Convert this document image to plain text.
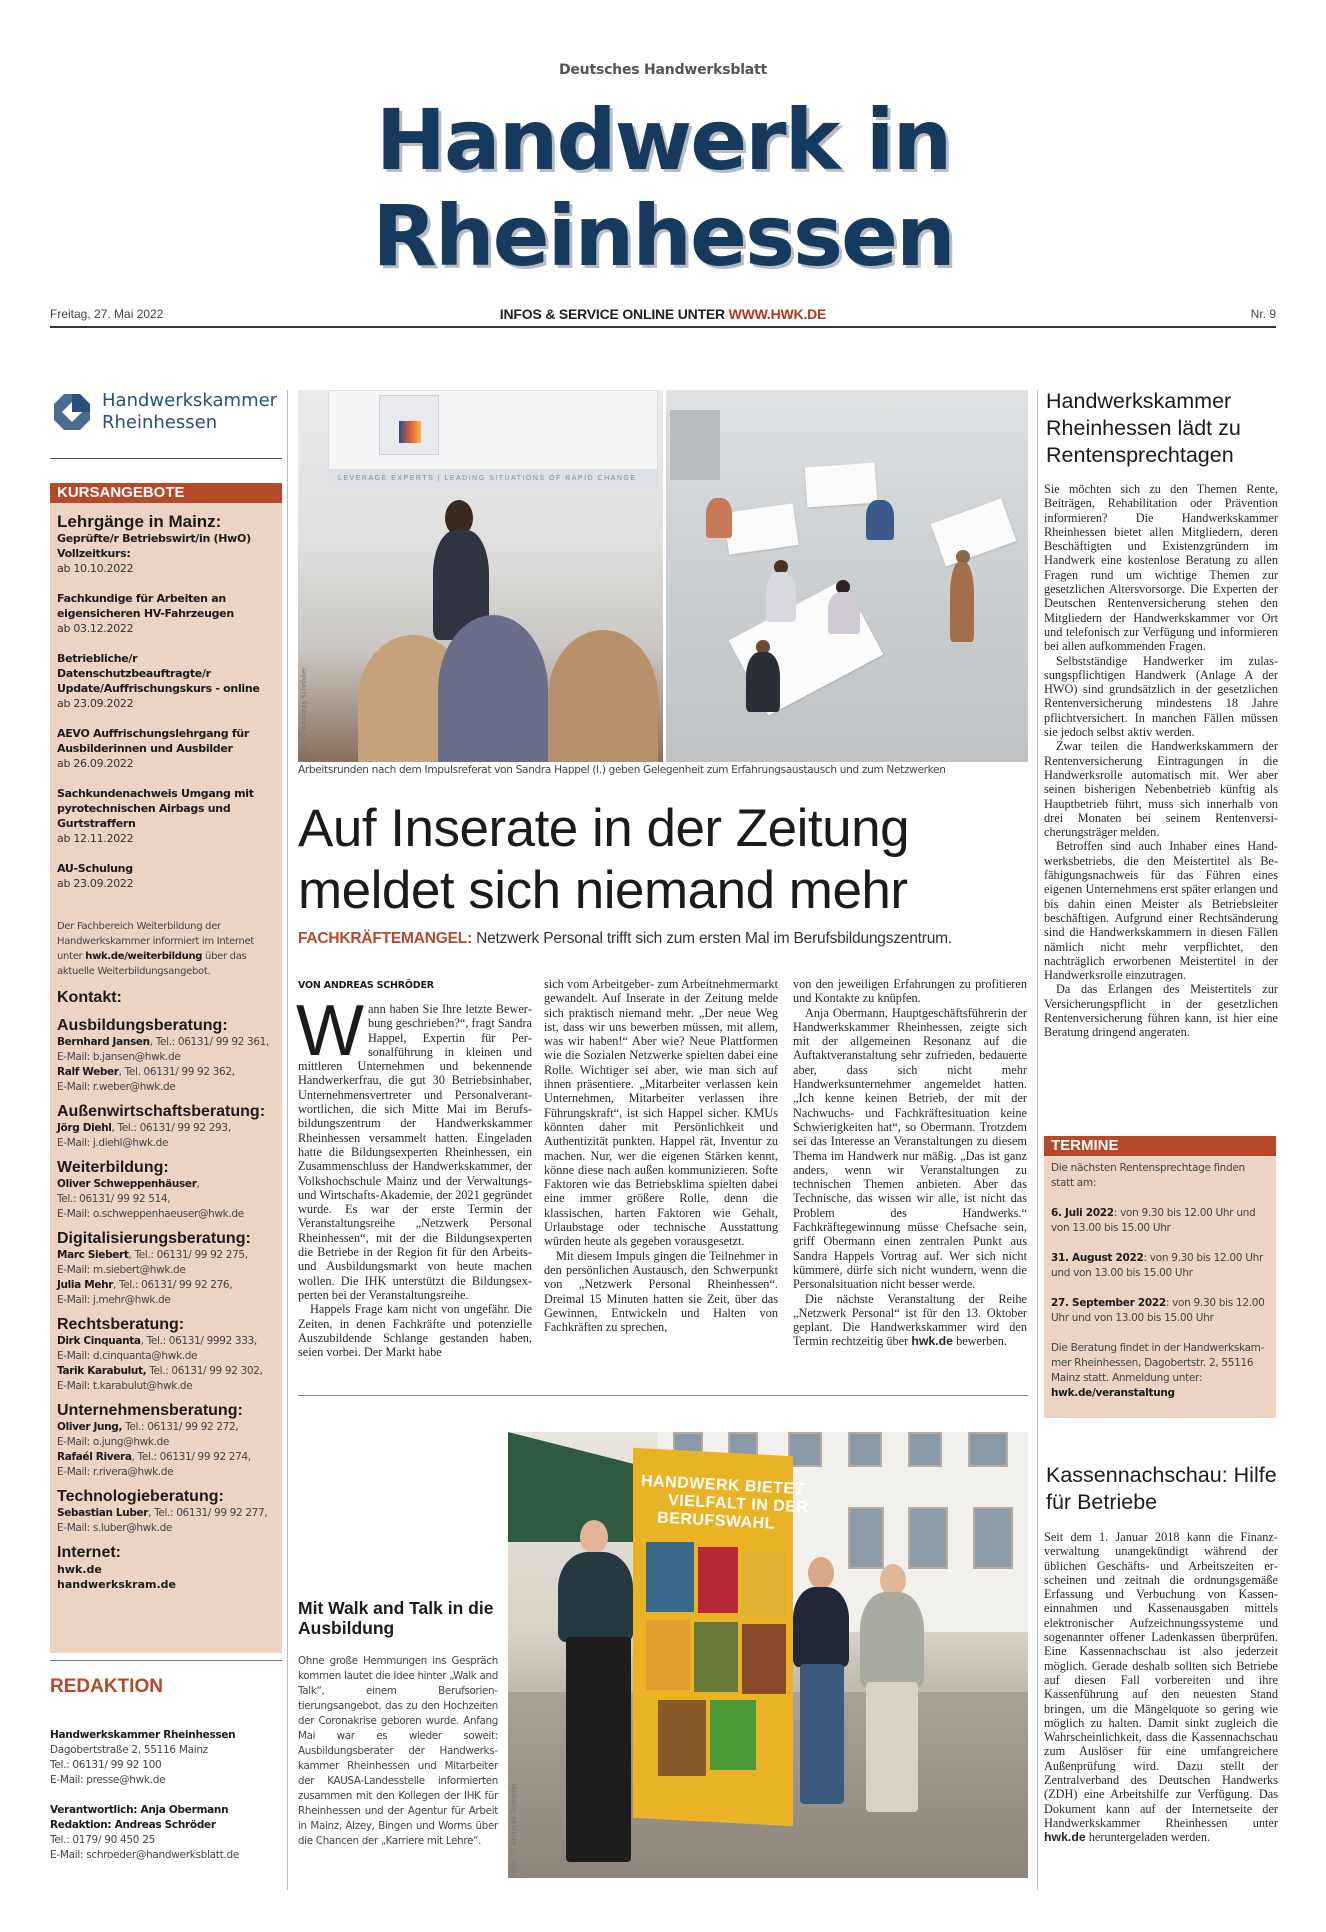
Deutsches Handwerksblatt
Handwerk in
Rheinhessen
Freitag, 27. Mai 2022	INFOS & SERVICE ONLINE UNTER WWW.HWK.DE	Nr. 9
Handwerkskammer
Rheinhessen
KURSANGEBOTE
Lehrgänge in Mainz:
Geprüfte/r Betriebswirt/in (HwO) Vollzeitkurs:
ab 10.10.2022
Fachkundige für Arbeiten an eigensicheren HV-Fahrzeugen
ab 03.12.2022
Betriebliche/r Datenschutzbeauftragte/r Update/Auffrischungskurs - online
ab 23.09.2022
AEVO Auffrischungslehrgang für Ausbilderinnen und Ausbilder
ab 26.09.2022
Sachkundenachweis Umgang mit pyrotechnischen Airbags und Gurtstraffern
ab 12.11.2022
AU-Schulung
ab 23.09.2022
Der Fachbereich Weiterbildung der Handwerkskammer informiert im Internet unter hwk.de/weiterbildung über das aktuelle Weiterbildungsangebot.
Kontakt:
Ausbildungsberatung:
Bernhard Jansen, Tel.: 06131/ 99 92 361,
E-Mail: b.jansen@hwk.de
Ralf Weber, Tel. 06131/ 99 92 362,
E-Mail: r.weber@hwk.de
Außenwirtschaftsberatung:
Jörg Diehl, Tel.: 06131/ 99 92 293,
E-Mail: j.diehl@hwk.de
Weiterbildung:
Oliver Schweppenhäuser,
Tel.: 06131/ 99 92 514,
E-Mail: o.schweppenhaeuser@hwk.de
Digitalisierungsberatung:
Marc Siebert, Tel.: 06131/ 99 92 275,
E-Mail: m.siebert@hwk.de
Julia Mehr, Tel.: 06131/ 99 92 276,
E-Mail: j.mehr@hwk.de
Rechtsberatung:
Dirk Cinquanta, Tel.: 06131/ 9992 333,
E-Mail: d.cinquanta@hwk.de
Tarik Karabulut, Tel.: 06131/ 99 92 302,
E-Mail: t.karabulut@hwk.de
Unternehmensberatung:
Oliver Jung, Tel.: 06131/ 99 92 272,
E-Mail: o.jung@hwk.de
Rafaél Rivera, Tel.: 06131/ 99 92 274,
E-Mail: r.rivera@hwk.de
Technologieberatung:
Sebastian Luber, Tel.: 06131/ 99 92 277,
E-Mail: s.luber@hwk.de
Internet:
hwk.de
handwerkskram.de
REDAKTION
Handwerkskammer Rheinhessen
Dagobertstraße 2, 55116 Mainz
Tel.: 06131/ 99 92 100
E-Mail: presse@hwk.de
Verantwortlich: Anja Obermann
Redaktion: Andreas Schröder
Tel.: 0179/ 90 450 25
E-Mail: schroeder@handwerksblatt.de
LEVERAGE EXPERTS | LEADING SITUATIONS OF RAPID CHANGE
Fotos: © Andreas Schröder
Arbeitsrunden nach dem Impulsreferat von Sandra Happel (l.) geben Gelegenheit zum Erfahrungsaustausch und zum Netzwerken
Auf Inserate in der Zeitung
meldet sich niemand mehr
FACHKRÄFTEMANGEL: Netzwerk Personal trifft sich zum ersten Mal im Berufsbildungszentrum.
VON ANDREAS SCHRÖDER

Wann haben Sie Ihre letzte Bewerbung geschrieben?“, fragt Sandra Happel, Expertin für Personalführung in kleinen und mittleren Unternehmen und bekennende Handwerkerfrau, die gut 30 Betriebsinhaber, Unternehmensvertreter und Personalverantwortlichen, die sich Mitte Mai im Berufsbildungszentrum der Handwerkskammer Rheinhessen versammelt hatten. Eingeladen hatte die Bildungsexperten Rheinhessen, ein Zusammenschluss der Handwerkskammer, der Volkshochschule Mainz und der Verwaltungs- und Wirtschafts-Akademie, der 2021 gegründet wurde. Es war der erste Termin der Veranstaltungsreihe „Netzwerk Personal Rheinhessen“, mit der die Bildungsexperten die Betriebe in der Region fit für den Arbeits- und Ausbildungsmarkt von heute machen wollen. Die IHK unterstützt die Bildungsexperten bei der Veranstaltungsreihe.

Happels Frage kam nicht von ungefähr. Die Zeiten, in denen Fachkräfte und potenzielle Auszubildende Schlange gestanden haben, seien vorbei. Der Markt habe

sich vom Arbeitgeber- zum Arbeitnehmermarkt gewandelt. Auf Inserate in der Zeitung melde sich praktisch niemand mehr. „Der neue Weg ist, dass wir uns bewerben müssen, mit allem, was wir haben!“ Aber wie? Neue Plattformen wie die Sozialen Netzwerke spielten dabei eine Rolle. Wichtiger sei aber, wie man sich auf ihnen präsentiere. „Mitarbeiter verlassen kein Unternehmen, Mitarbeiter verlassen ihre Führungskraft“, ist sich Happel sicher. KMUs könnten daher mit Persönlichkeit und Authentizität punkten. Happel rät, Inventur zu machen. Nur, wer die eigenen Stärken kennt, könne diese nach außen kommunizieren. Softe Faktoren wie das Betriebsklima spielten dabei eine immer größere Rolle, denn die klassischen, harten Faktoren wie Gehalt, Urlaubstage oder technische Ausstattung würden heute als gegeben vorausgesetzt.

Mit diesem Impuls gingen die Teilnehmer in den persönlichen Austausch, den Schwerpunkt von „Netzwerk Personal Rheinhessen“. Dreimal 15 Minuten hatten sie Zeit, über das Gewinnen, Entwickeln und Halten von Fachkräften zu sprechen,

von den jeweiligen Erfahrungen zu profitieren und Kontakte zu knüpfen.

Anja Obermann, Hauptgeschäftsführerin der Handwerkskammer Rheinhessen, zeigte sich mit der allgemeinen Resonanz auf die Auftaktveranstaltung sehr zufrieden, bedauerte aber, dass sich nicht mehr Handwerksunternehmer angemeldet hatten. „Ich kenne keinen Betrieb, der mit der Nachwuchs- und Fachkräftesituation keine Schwierigkeiten hat“, so Obermann. Trotzdem sei das Interesse an Veranstaltungen zu diesem Thema im Handwerk nur mäßig. „Das ist ganz anders, wenn wir Veranstaltungen zu technischen Themen anbieten. Aber das Technische, das wissen wir alle, ist nicht das Problem des Handwerks.“ Fachkräftegewinnung müsse Chefsache sein, griff Obermann einen zentralen Punkt aus Sandra Happels Vortrag auf. Wer sich nicht kümmere, dürfe sich nicht wundern, wenn die Personalsituation nicht besser werde.

Die nächste Veranstaltung der Reihe „Netzwerk Personal“ ist für den 13. Oktober geplant. Die Handwerkskammer wird den Termin rechtzeitig über hwk.de bewerben.

Mit Walk and Talk in die Ausbildung
Ohne große Hemmungen ins Gespräch kommen lautet die Idee hinter „Walk and Talk“, einem Berufsorientierungsangebot, das zu den Hochzeiten der Coronakrise geboren wurde. Anfang Mai war es wieder soweit: Ausbildungsberater der Handwerkskammer Rheinhessen und Mitarbeiter der KAUSA-Landesstelle informierten zusammen mit den Kollegen der IHK für Rheinhessen und der Agentur für Arbeit in Mainz, Alzey, Bingen und Worms über die Chancen der „Karriere mit Lehre“.
HANDWERK BIETET
VIELFALT IN DER
BERUFSWAHL
Foto: © Andreas Schröder
Handwerkskammer Rheinhessen lädt zu Rentensprechtagen

Sie möchten sich zu den Themen Rente, Beiträgen, Rehabilitation oder Prävention informieren? Die Handwerkskammer Rheinhessen bietet allen Mitgliedern, deren Beschäftigten und Existenzgründern im Handwerk eine kostenlose Beratung zu allen Fragen rund um wichtige Themen zur gesetzlichen Altersvorsorge. Die Experten der Deutschen Rentenversicherung stehen den Mitgliedern der Handwerkskammer vor Ort und telefonisch zur Verfügung und informieren bei allen aufkommenden Fragen.

Selbstständige Handwerker im zulassungspflichtigen Handwerk (Anlage A der HWO) sind grundsätzlich in der gesetzlichen Rentenversicherung mindestens 18 Jahre pflichtversichert. In manchen Fällen müssen sie jedoch selbst aktiv werden.

Zwar teilen die Handwerkskammern der Rentenversicherung Eintragungen in die Handwerksrolle automatisch mit. Wer aber seinen bisherigen Nebenbetrieb künftig als Hauptbetrieb führt, muss sich innerhalb von drei Monaten bei seinem Rentenversicherungsträger melden.

Betroffen sind auch Inhaber eines Handwerksbetriebs, die den Meistertitel als Befähigungsnachweis für das Führen eines eigenen Unternehmens erst später erlangen und bis dahin einen Meister als Betriebsleiter beschäftigen. Aufgrund einer Rechtsänderung sind die Handwerkskammern in diesen Fällen nämlich nicht mehr verpflichtet, den nachträglich erworbenen Meistertitel in der Handwerksrolle einzutragen.

Da das Erlangen des Meistertitels zur Versicherungspflicht in der gesetzlichen Rentenversicherung führen kann, ist hier eine Beratung dringend angeraten.

TERMINE
Die nächsten Rentensprechtage finden statt am:
6. Juli 2022: von 9.30 bis 12.00 Uhr und von 13.00 bis 15.00 Uhr
31. August 2022: von 9.30 bis 12.00 Uhr und von 13.00 bis 15.00 Uhr
27. September 2022: von 9.30 bis 12.00 Uhr und von 13.00 bis 15.00 Uhr
Die Beratung findet in der Handwerkskammer Rheinhessen, Dagobertstr. 2, 55116 Mainz statt. Anmeldung unter:
hwk.de/veranstaltung
Kassennachschau: Hilfe für Betriebe

Seit dem 1. Januar 2018 kann die Finanzverwaltung unangekündigt während der üblichen Geschäfts- und Arbeitszeiten erscheinen und zeitnah die ordnungsgemäße Erfassung und Verbuchung von Kasseneinnahmen und Kassenausgaben mittels elektronischer Aufzeichnungssysteme und sogenannter offener Ladenkassen überprüfen. Eine Kassennachschau ist also jederzeit möglich. Gerade deshalb sollten sich Betriebe auf diesen Fall vorbereiten und ihre Kassenführung auf den neuesten Stand bringen, um die Mängelquote so gering wie möglich zu halten. Damit sinkt zugleich die Wahrscheinlichkeit, dass die Kassennachschau zum Auslöser für eine umfangreichere Außenprüfung wird. Dazu stellt der Zentralverband des Deutschen Handwerks (ZDH) eine Arbeitshilfe zur Verfügung. Das Dokument kann auf der Internetseite der Handwerkskammer Rheinhessen unter hwk.de heruntergeladen werden.
